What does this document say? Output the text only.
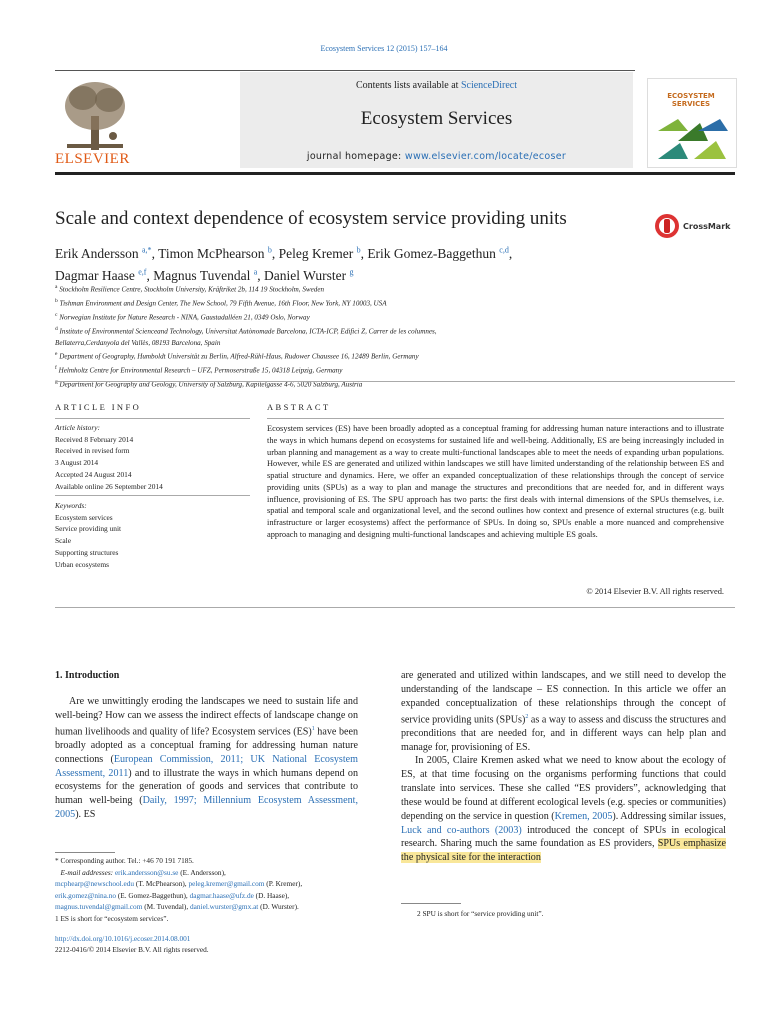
Ecosystem Services 12 (2015) 157–164
Contents lists available at ScienceDirect
Ecosystem Services
journal homepage: www.elsevier.com/locate/ecoser
ELSEVIER
ECOSYSTEM SERVICES
Scale and context dependence of ecosystem service providing units	CrossMark
Erik Andersson $^{a,*}$, Timon McPhearson $^b$, Peleg Kremer $^b$, Erik Gomez-Baggethun $^{c,d}$,
Dagmar Haase $^{e,f}$, Magnus Tuvendal $^a$, Daniel Wurster $^g$
$^a$ Stockholm Resilience Centre, Stockholm University, Kräftriket 2b, 114 19 Stockholm, Sweden
$^b$ Tishman Environment and Design Center, The New School, 79 Fifth Avenue, 16th Floor, New York, NY 10003, USA
$^c$ Norwegian Institute for Nature Research - NINA, Gaustadalléen 21, 0349 Oslo, Norway
$^d$ Institute of Environmental Scienceand Technology, Universitat Autònomade Barcelona, ICTA-ICP, Edifici Z, Carrer de les columnes,
Bellaterra,Cerdanyola del Vallès, 08193 Barcelona, Spain
$^e$ Department of Geography, Humboldt Universität zu Berlin, Alfred-Rühl-Haus, Rudower Chaussee 16, 12489 Berlin, Germany
$^f$ Helmholtz Centre for Environmental Research – UFZ, Permoserstraße 15, 04318 Leipzig, Germany
$^g$ Department for Geography and Geology, University of Salzburg, Kapitelgasse 4-6, 5020 Salzburg, Austria
ARTICLE INFO
Article history:
Received 8 February 2014
Received in revised form
3 August 2014
Accepted 24 August 2014
Available online 26 September 2014
Keywords:
Ecosystem services
Service providing unit
Scale
Supporting structures
Urban ecosystems
ABSTRACT
Ecosystem services (ES) have been broadly adopted as a conceptual framing for addressing human nature interactions and to illustrate the ways in which humans depend on ecosystems for sustained life and well-being. Additionally, ES are being increasingly included in urban planning and management as a way to create multi-functional landscapes able to meet the needs of expanding urban populations. However, while ES are generated and utilized within landscapes we still have limited understanding of the relationship between ES and spatial structure and dynamics. Here, we offer an expanded conceptualization of these relationships through the concept of service providing units (SPUs) as a way to plan and manage the structures and preconditions that are needed for, and in different ways influence, provisioning of ES. The SPU approach has two parts: the first deals with internal dimensions of the SPUs themselves, i.e. spatial and temporal scale and organizational level, and the second outlines how context and presence of external structures (e.g. built infrastructure or larger ecosystems) affect the performance of SPUs. In doing so, SPUs enable a more nuanced and comprehensive approach to managing and designing multi-functional landscapes and achieving multiple ES goals.
© 2014 Elsevier B.V. All rights reserved.
1. Introduction

Are we unwittingly eroding the landscapes we need to sustain life and well-being? How can we assess the indirect effects of landscape change on human livelihoods and quality of life? Ecosystem services (ES)$^1$ have been broadly adopted as a conceptual framing for addressing human nature connections (European Commission, 2011; UK National Ecosystem Assessment, 2011) and to illustrate the ways in which humans depend on ecosystems for the generation of goods and services that contribute to human well-being (Daily, 1997; Millennium Ecosystem Assessment, 2005). ES

are generated and utilized within landscapes, and we still need to develop the understanding of the landscape – ES connection. In this article we offer an expanded conceptualization of these relationships through the concept of service providing units (SPUs)$^2$ as a way to assess and discuss the structures and preconditions that are needed for, and in different ways can help plan and manage for, provisioning of ES.

In 2005, Claire Kremen asked what we need to know about the ecology of ES, at that time focusing on the organisms performing functions that could translate into services. These she called “ES providers”, acknowledging that these would be found at different ecological levels (e.g. species or communities) depending on the service in question (Kremen, 2005). Addressing similar issues, Luck and co-authors (2003) introduced the concept of SPUs in ecological research. Sharing much the same foundation as ES providers, SPUs emphasize the physical site for the interaction

* Corresponding author. Tel.: +46 70 191 7185.
E-mail addresses: erik.andersson@su.se (E. Andersson),
mcphearp@newschool.edu (T. McPhearson), peleg.kremer@gmail.com (P. Kremer),
erik.gomez@nina.no (E. Gomez-Baggethun), dagmar.haase@ufz.de (D. Haase),
magnus.tuvendal@gmail.com (M. Tuvendal), daniel.wurster@gmx.at (D. Wurster).
1 ES is short for “ecosystem services”.
2 SPU is short for “service providing unit”.
http://dx.doi.org/10.1016/j.ecoser.2014.08.001
2212-0416/© 2014 Elsevier B.V. All rights reserved.
